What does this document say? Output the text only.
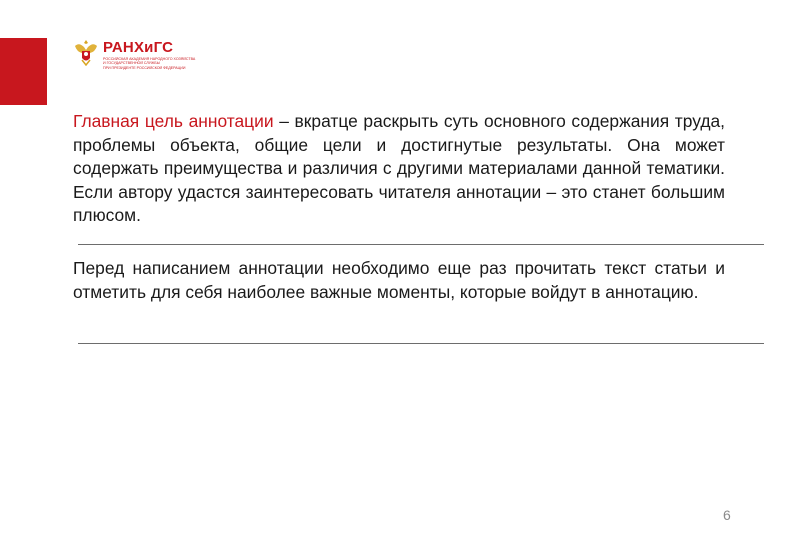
РАНХиГС
РОССИЙСКАЯ АКАДЕМИЯ НАРОДНОГО ХОЗЯЙСТВА
И ГОСУДАРСТВЕННОЙ СЛУЖБЫ
ПРИ ПРЕЗИДЕНТЕ РОССИЙСКОЙ ФЕДЕРАЦИИ

Главная цель аннотации – вкратце раскрыть суть основного содержания труда, проблемы объекта, общие цели и достигнутые результаты. Она может содержать преимущества и различия с другими материалами данной тематики. Если автору удастся заинтересовать читателя аннотации – это станет большим плюсом.

Перед написанием аннотации необходимо еще раз прочитать текст статьи и отметить для себя наиболее важные моменты, которые войдут в аннотацию.

6
